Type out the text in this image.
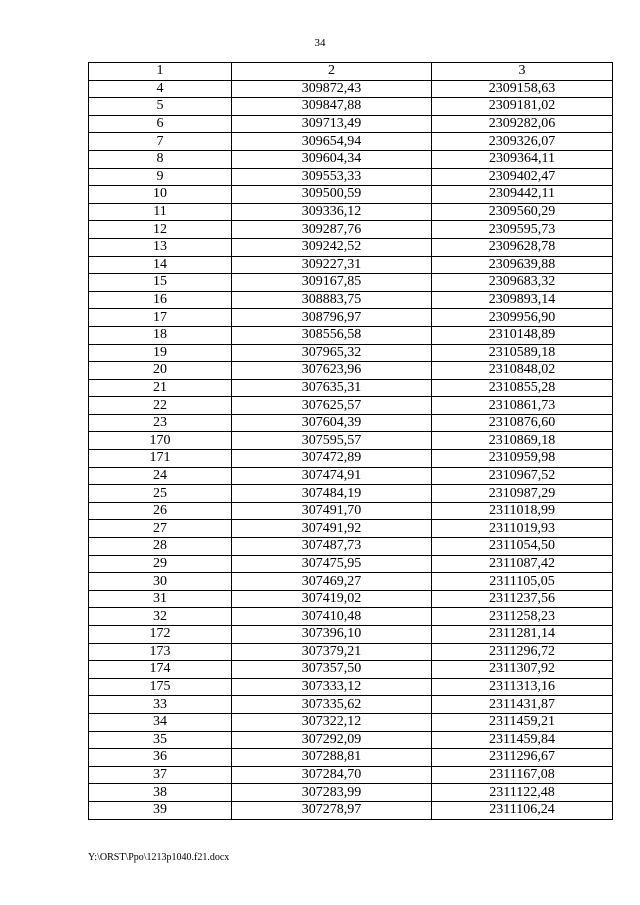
34
1	2	3
4	309872,43	2309158,63
5	309847,88	2309181,02
6	309713,49	2309282,06
7	309654,94	2309326,07
8	309604,34	2309364,11
9	309553,33	2309402,47
10	309500,59	2309442,11
11	309336,12	2309560,29
12	309287,76	2309595,73
13	309242,52	2309628,78
14	309227,31	2309639,88
15	309167,85	2309683,32
16	308883,75	2309893,14
17	308796,97	2309956,90
18	308556,58	2310148,89
19	307965,32	2310589,18
20	307623,96	2310848,02
21	307635,31	2310855,28
22	307625,57	2310861,73
23	307604,39	2310876,60
170	307595,57	2310869,18
171	307472,89	2310959,98
24	307474,91	2310967,52
25	307484,19	2310987,29
26	307491,70	2311018,99
27	307491,92	2311019,93
28	307487,73	2311054,50
29	307475,95	2311087,42
30	307469,27	2311105,05
31	307419,02	2311237,56
32	307410,48	2311258,23
172	307396,10	2311281,14
173	307379,21	2311296,72
174	307357,50	2311307,92
175	307333,12	2311313,16
33	307335,62	2311431,87
34	307322,12	2311459,21
35	307292,09	2311459,84
36	307288,81	2311296,67
37	307284,70	2311167,08
38	307283,99	2311122,48
39	307278,97	2311106,24
Y:\ORST\Ppo\1213p1040.f21.docx
